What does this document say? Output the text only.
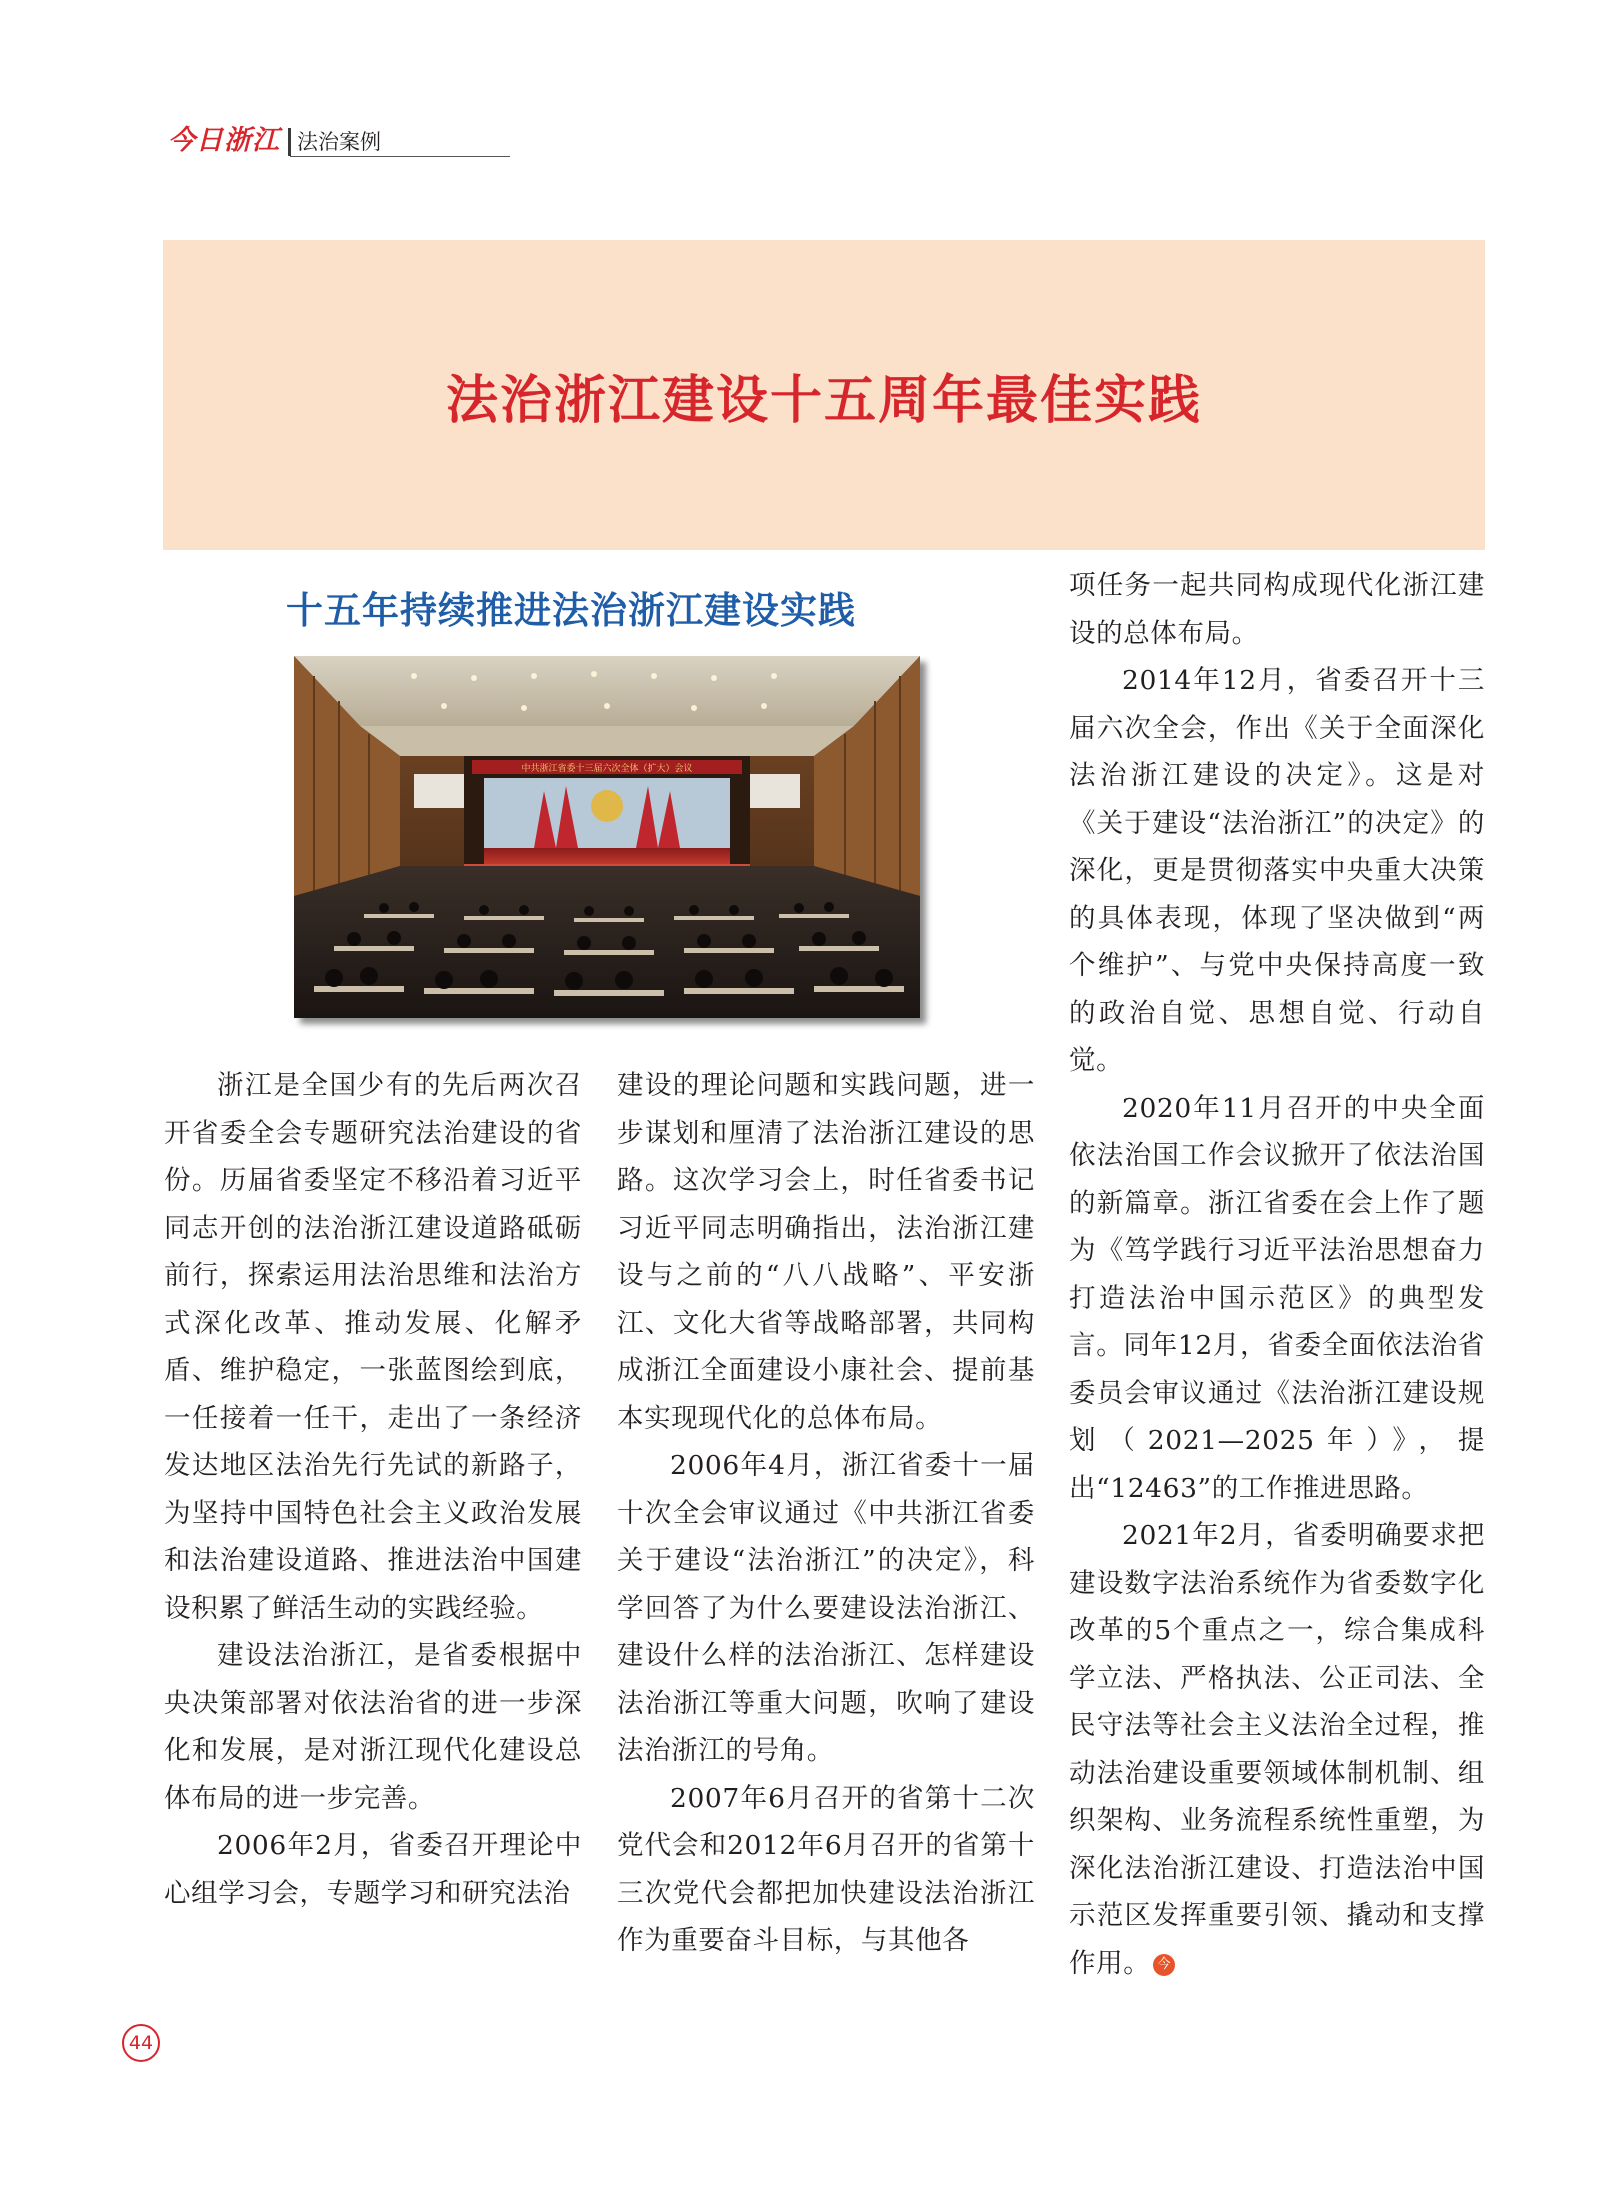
今日浙江 法治案例
法治浙江建设十五周年最佳实践
十五年持续推进法治浙江建设实践
中共浙江省委十三届六次全体（扩大）会议

浙江是全国少有的先后两次召开省委全会专题研究法治建设的省份。历届省委坚定不移沿着习近平同志开创的法治浙江建设道路砥砺前行，探索运用法治思维和法治方式深化改革、推动发展、化解矛盾、维护稳定，一张蓝图绘到底，一任接着一任干，走出了一条经济发达地区法治先行先试的新路子，为坚持中国特色社会主义政治发展和法治建设道路、推进法治中国建设积累了鲜活生动的实践经验。

建设法治浙江，是省委根据中央决策部署对依法治省的进一步深化和发展，是对浙江现代化建设总体布局的进一步完善。

2006年2月，省委召开理论中心组学习会，专题学习和研究法治

建设的理论问题和实践问题，进一步谋划和厘清了法治浙江建设的思路。这次学习会上，时任省委书记习近平同志明确指出，法治浙江建设与之前的“八八战略”、平安浙江、文化大省等战略部署，共同构成浙江全面建设小康社会、提前基本实现现代化的总体布局。

2006年4月，浙江省委十一届十次全会审议通过《中共浙江省委关于建设“法治浙江”的决定》，科学回答了为什么要建设法治浙江、建设什么样的法治浙江、怎样建设法治浙江等重大问题，吹响了建设法治浙江的号角。

2007年6月召开的省第十二次党代会和2012年6月召开的省第十三次党代会都把加快建设法治浙江作为重要奋斗目标，与其他各

项任务一起共同构成现代化浙江建设的总体布局。

2014年12月，省委召开十三届六次全会，作出《关于全面深化法治浙江建设的决定》。这是对《关于建设“法治浙江”的决定》的深化，更是贯彻落实中央重大决策的具体表现，体现了坚决做到“两个维护”、与党中央保持高度一致的政治自觉、思想自觉、行动自觉。

2020年11月召开的中央全面依法治国工作会议掀开了依法治国的新篇章。浙江省委在会上作了题为《笃学践行习近平法治思想奋力打造法治中国示范区》的典型发言。同年12月，省委全面依法治省委员会审议通过《法治浙江建设规划（2021—2025年）》，提出“12463”的工作推进思路。

2021年2月，省委明确要求把建设数字法治系统作为省委数字化改革的5个重点之一，综合集成科学立法、严格执法、公正司法、全民守法等社会主义法治全过程，推动法治建设重要领域体制机制、组织架构、业务流程系统性重塑，为深化法治浙江建设、打造法治中国示范区发挥重要引领、撬动和支撑作用。 今

44
